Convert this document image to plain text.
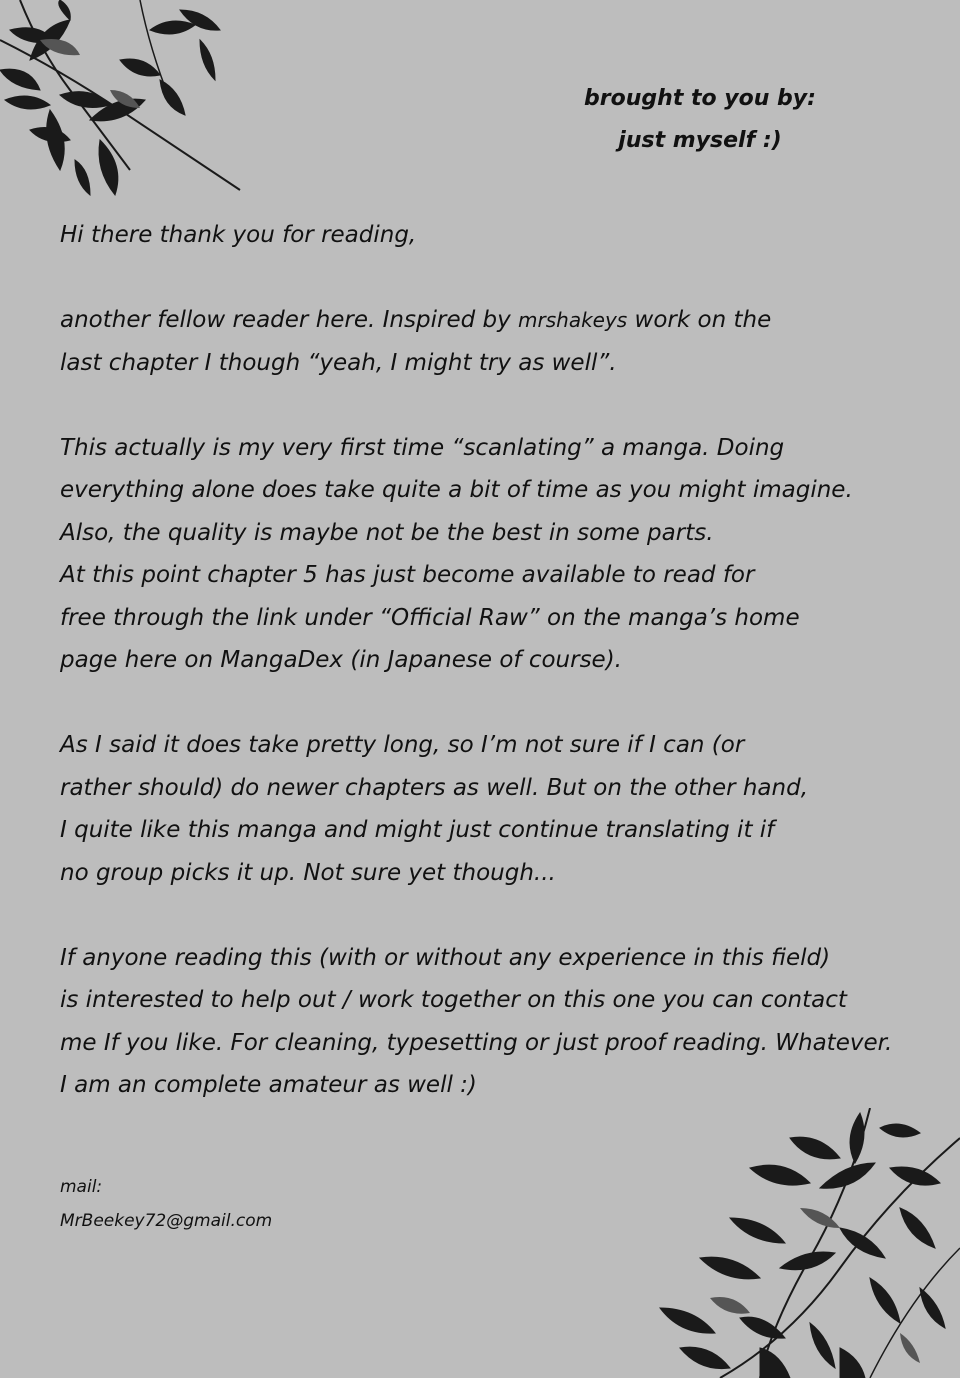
brought to you by:
just myself :)
Hi there thank you for reading,
another fellow reader here. Inspired by mrshakeys work on the
last chapter I though “yeah, I might try as well”.
This actually is my very first time “scanlating” a manga. Doing
everything alone does take quite a bit of time as you might imagine.
Also, the quality is maybe not be the best in some parts.
At this point chapter 5 has just become available to read for
free through the link under “Official Raw” on the manga’s home
page here on MangaDex (in Japanese of course).
As I said it does take pretty long, so I’m not sure if I can (or
rather should) do newer chapters as well. But on the other hand,
I quite like this manga and might just continue translating it if
no group picks it up. Not sure yet though...
If anyone reading this (with or without any experience in this field)
is interested to help out / work together on this one you can contact
me If you like. For cleaning, typesetting or just proof reading. Whatever.
I am an complete amateur as well :)
mail:
MrBeekey72@gmail.com
